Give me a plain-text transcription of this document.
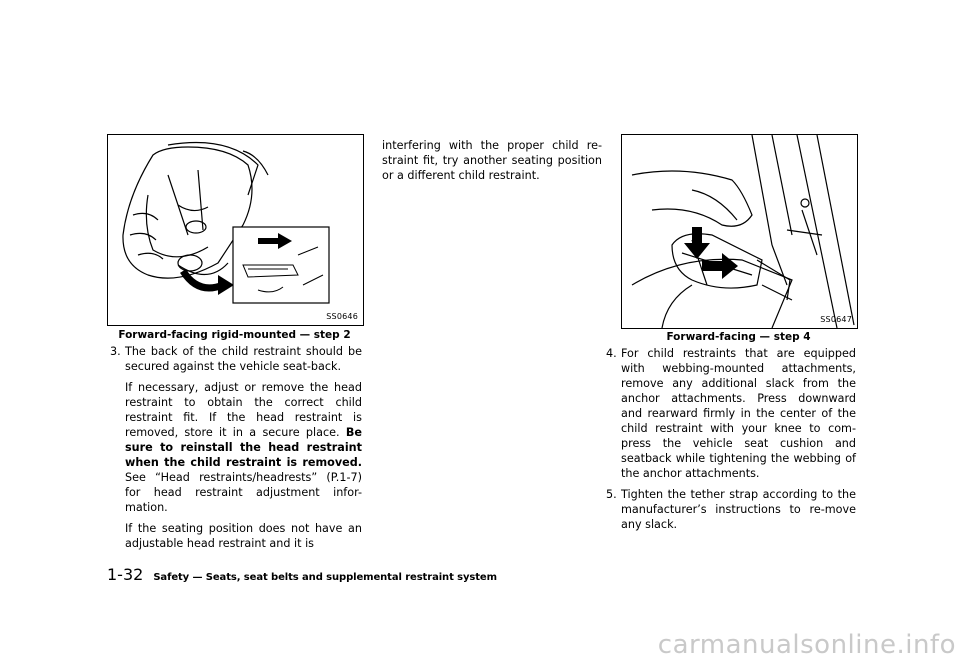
SS0646
Forward-facing rigid-mounted — step 2
3. The back of the child restraint should be secured against the vehicle seat-back.

If necessary, adjust or remove the head restraint to obtain the correct child restraint fit. If the head restraint is removed, store it in a secure place. Be sure to reinstall the head restraint when the child restraint is removed. See “Head restraints/headrests” (P.1-7) for head restraint adjustment infor-mation.

If the seating position does not have an adjustable head restraint and it is

interfering with the proper child re-straint fit, try another seating position or a different child restraint.

SS0647
Forward-facing — step 4
4. For child restraints that are equipped with webbing-mounted attachments, remove any additional slack from the anchor attachments. Press downward and rearward firmly in the center of the child restraint with your knee to com-press the vehicle seat cushion and seatback while tightening the webbing of the anchor attachments.
5. Tighten the tether strap according to the manufacturer’s instructions to re-move any slack.
1-32 Safety — Seats, seat belts and supplemental restraint system
carmanualsonline.info
